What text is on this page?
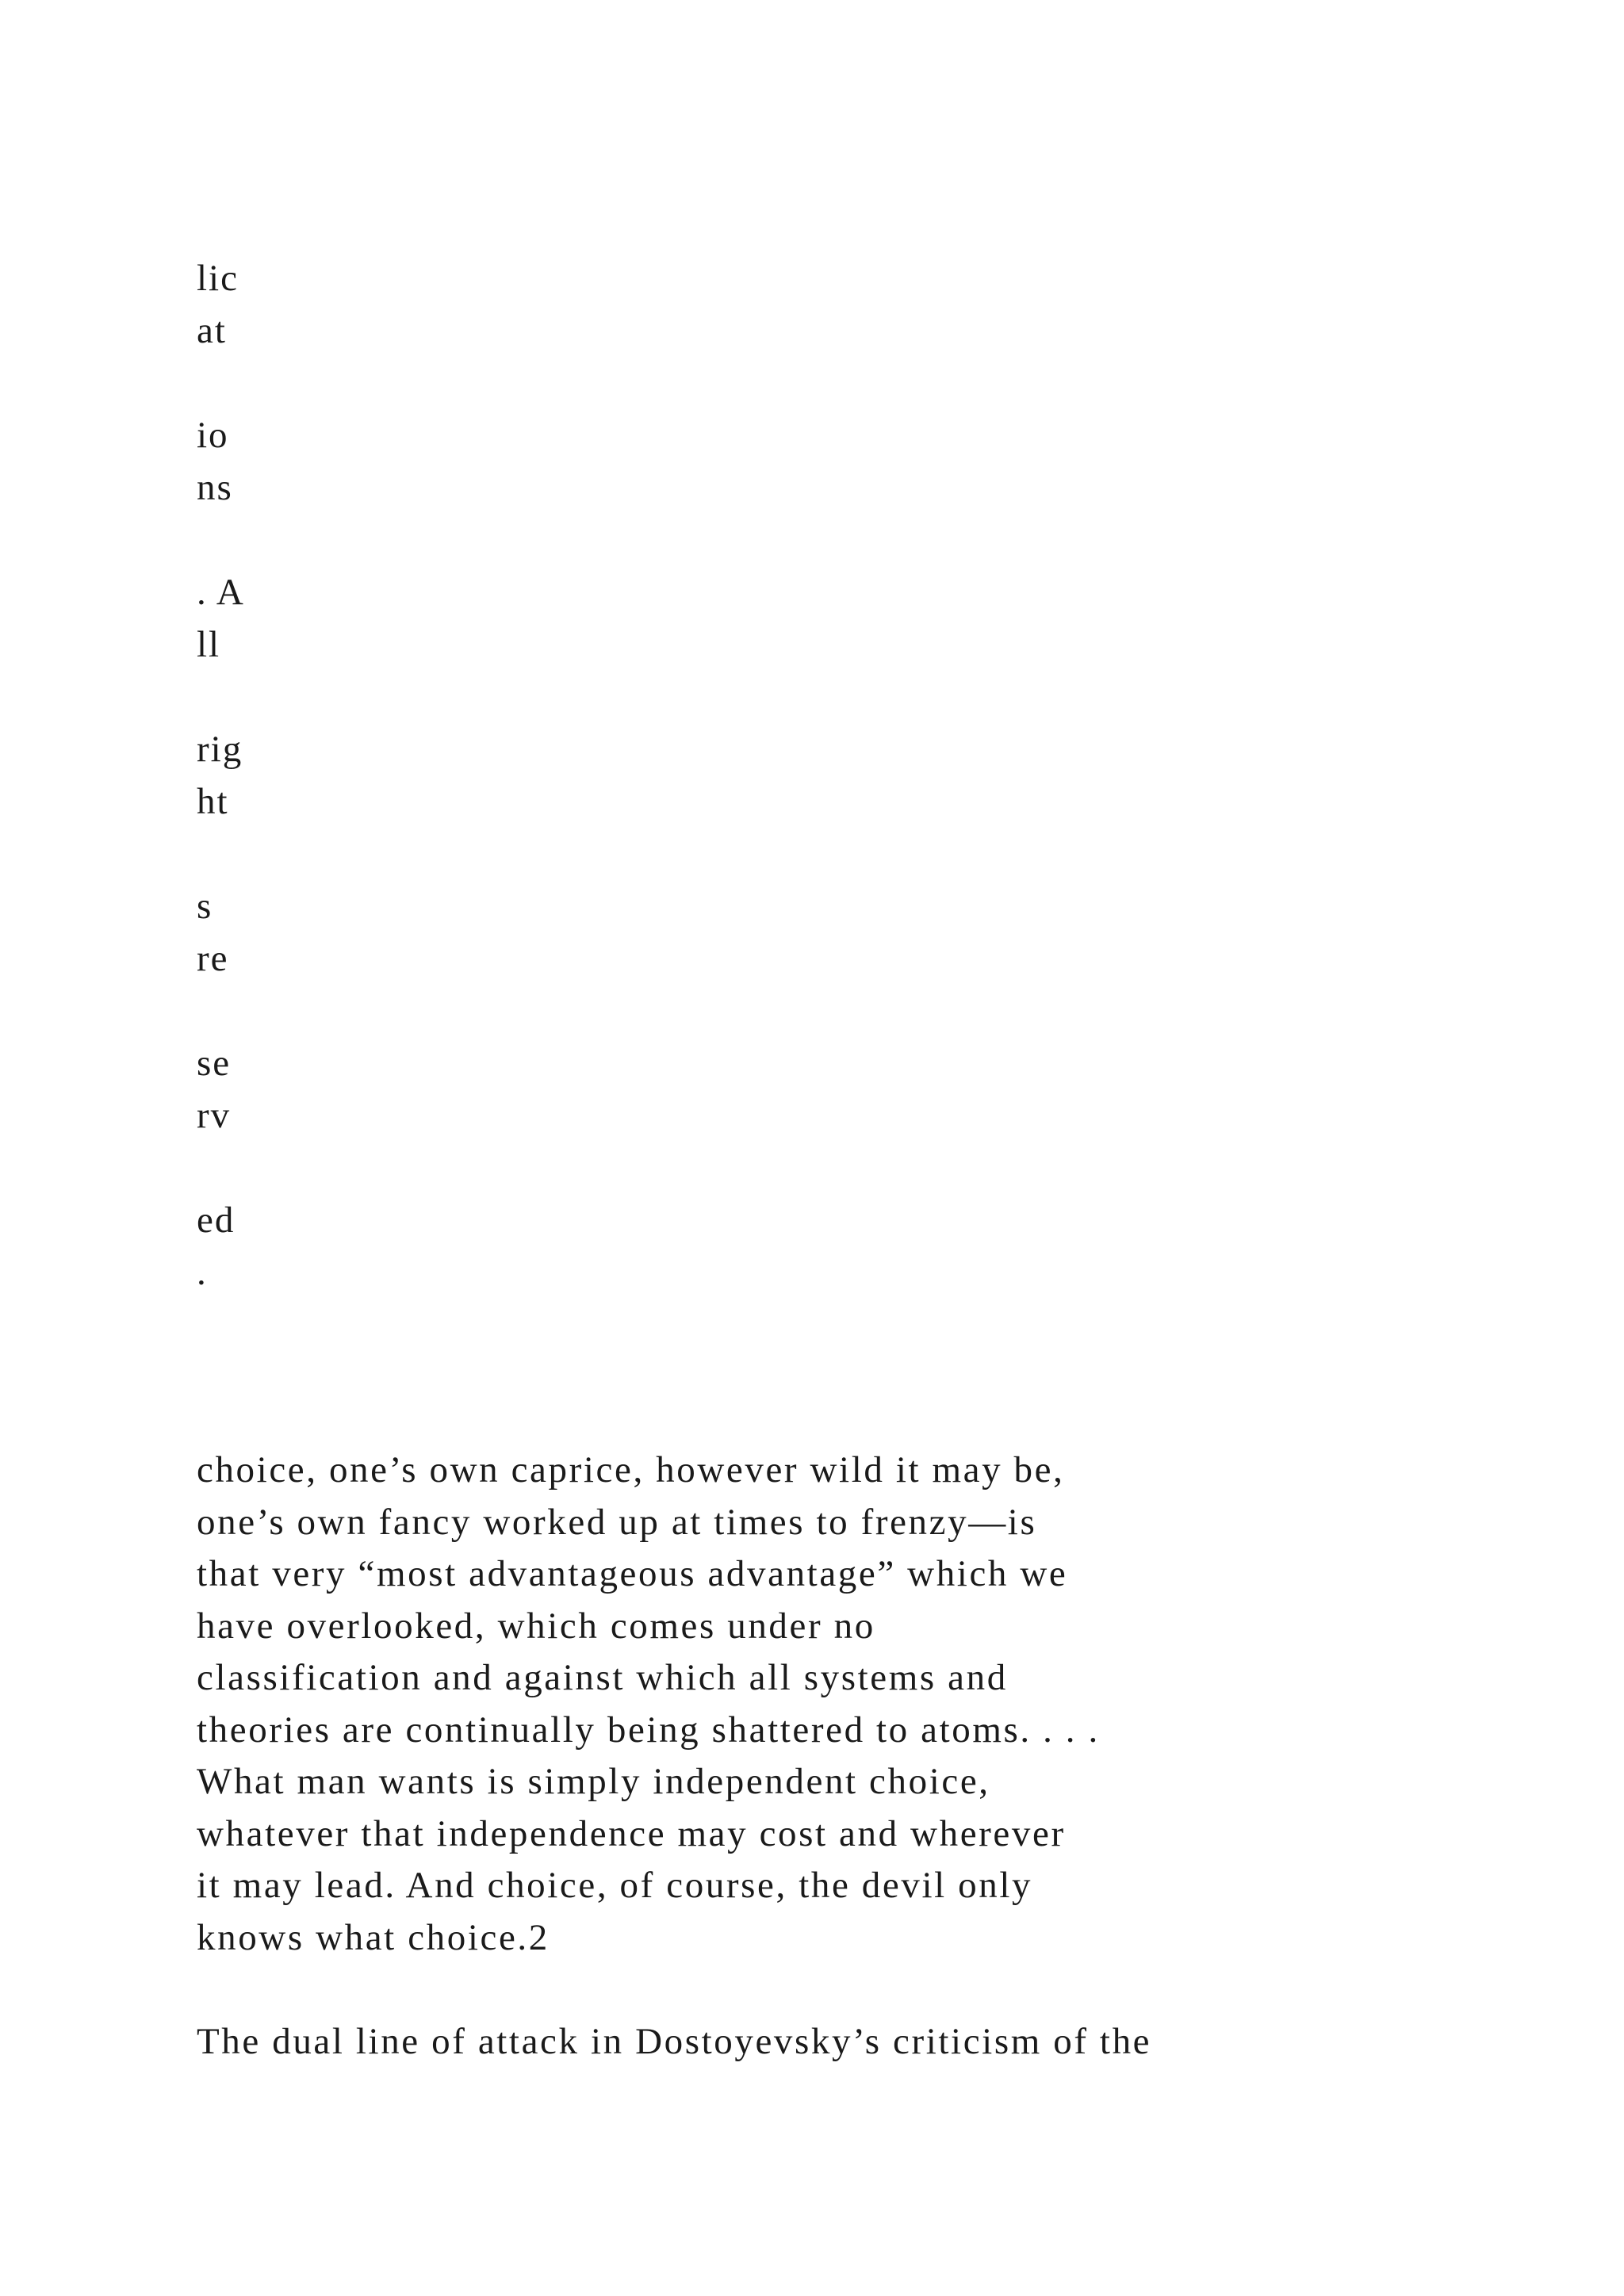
lic
at
io
ns
. A
ll
rig
ht
s
re
se
rv
ed
.
choice, one’s own caprice, however wild it may be,
one’s own fancy worked up at times to frenzy—is
that very “most advantageous advantage” which we
have overlooked, which comes under no
classification and against which all systems and
theories are continually being shattered to atoms. . . .
What man wants is simply independent choice,
whatever that independence may cost and wherever
it may lead. And choice, of course, the devil only
knows what choice.2
The dual line of attack in Dostoyevsky’s criticism of the
